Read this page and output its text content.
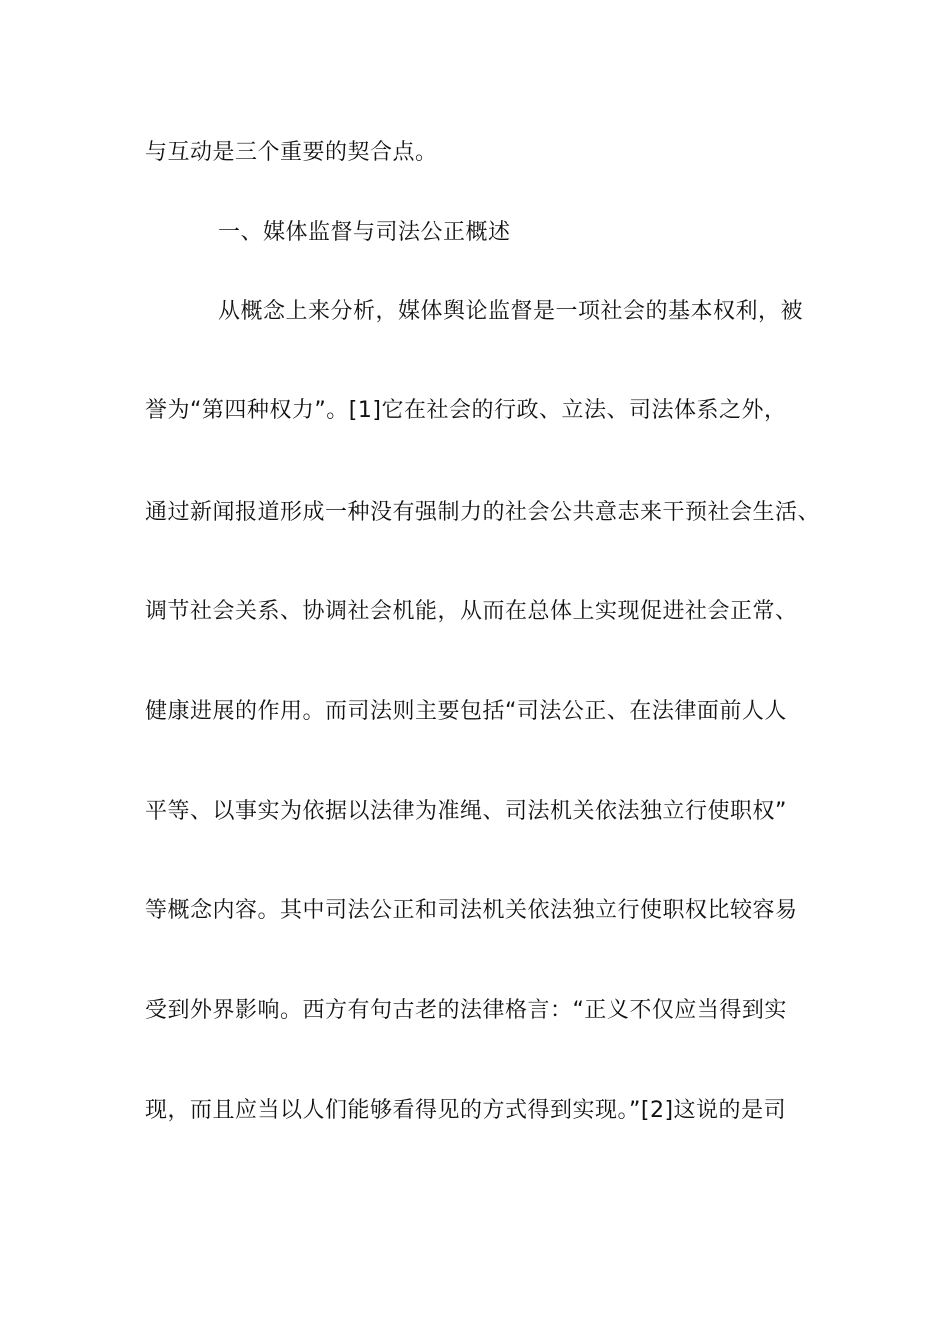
与互动是三个重要的契合点。
一、媒体监督与司法公正概述
从概念上来分析，媒体舆论监督是一项社会的基本权利，被
誉为“第四种权力”。[1]它在社会的行政、立法、司法体系之外，
通过新闻报道形成一种没有强制力的社会公共意志来干预社会生活、
调节社会关系、协调社会机能，从而在总体上实现促进社会正常、
健康进展的作用。而司法则主要包括“司法公正、在法律面前人人
平等、以事实为依据以法律为准绳、司法机关依法独立行使职权”
等概念内容。其中司法公正和司法机关依法独立行使职权比较容易
受到外界影响。西方有句古老的法律格言：“正义不仅应当得到实
现，而且应当以人们能够看得见的方式得到实现。”[2]这说的是司
